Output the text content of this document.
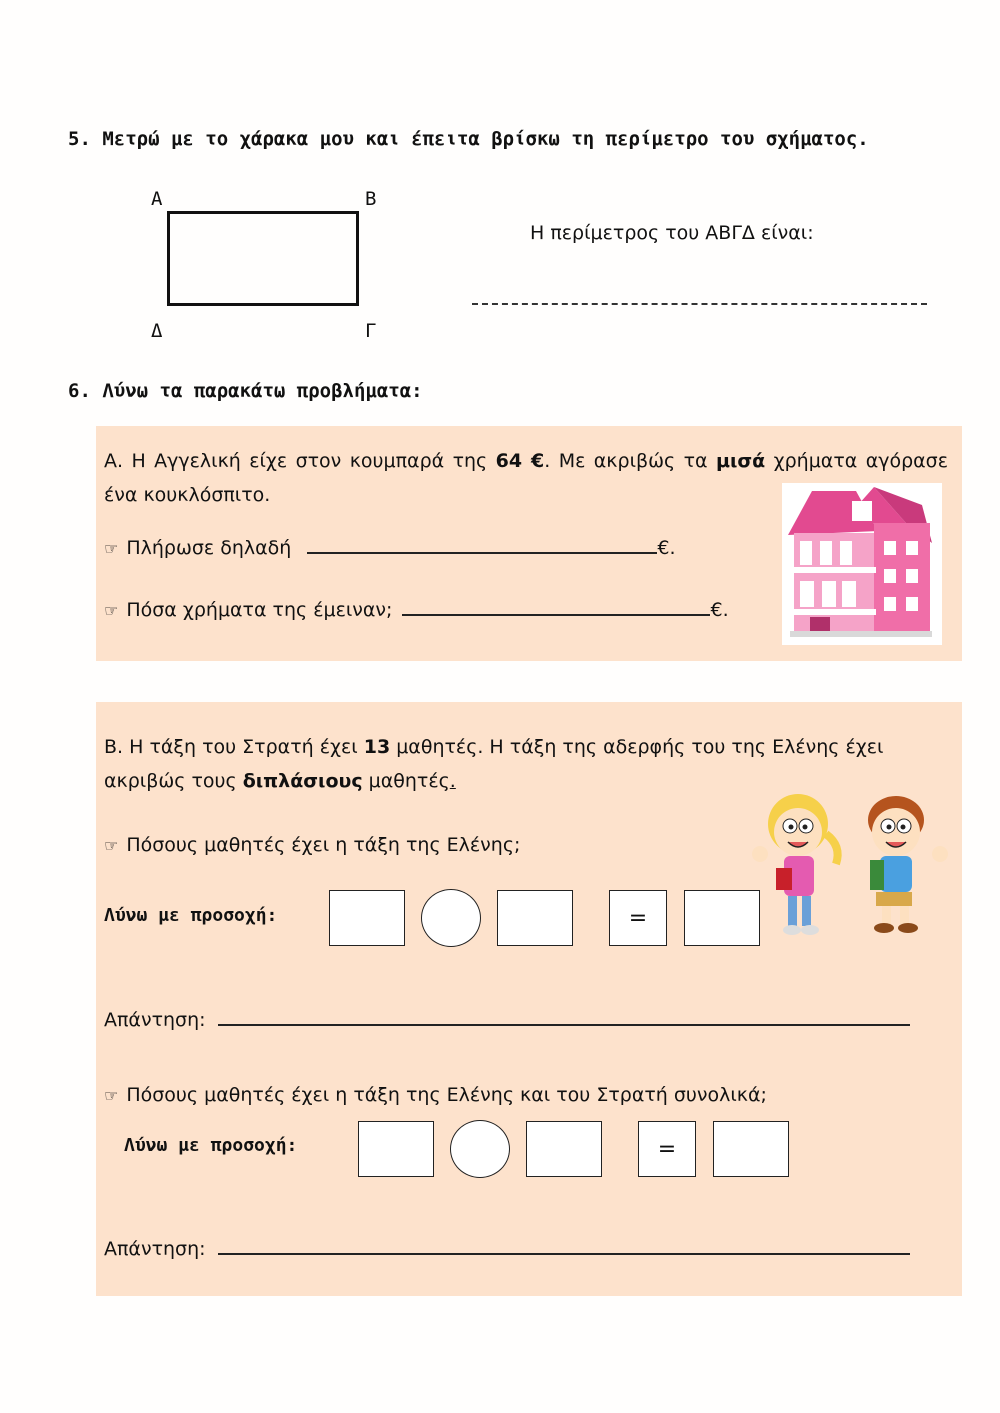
5. Μετρώ με το χάρακα μου και έπειτα βρίσκω τη περίμετρο του σχήματος.
Α	Β
Γ
Δ
Η περίμετρος του ΑΒΓΔ είναι:
6. Λύνω τα παρακάτω προβλήματα:
Α. Η Αγγελική είχε στον κουμπαρά της 64 €. Με ακριβώς τα μισά χρήματα αγόρασε ένα κουκλόσπιτο.
☞ Πλήρωσε δηλαδή	€.
☞ Πόσα χρήματα της έμειναν;	€.
Β. Η τάξη του Στρατή έχει 13 μαθητές. Η τάξη της αδερφής του της Ελένης έχει ακριβώς τους διπλάσιους μαθητές.
☞ Πόσους μαθητές έχει η τάξη της Ελένης;
Λύνω με προσοχή:	=
Απάντηση:
☞ Πόσους μαθητές έχει η τάξη της Ελένης και του Στρατή συνολικά;
Λύνω με προσοχή:	=
Απάντηση:
